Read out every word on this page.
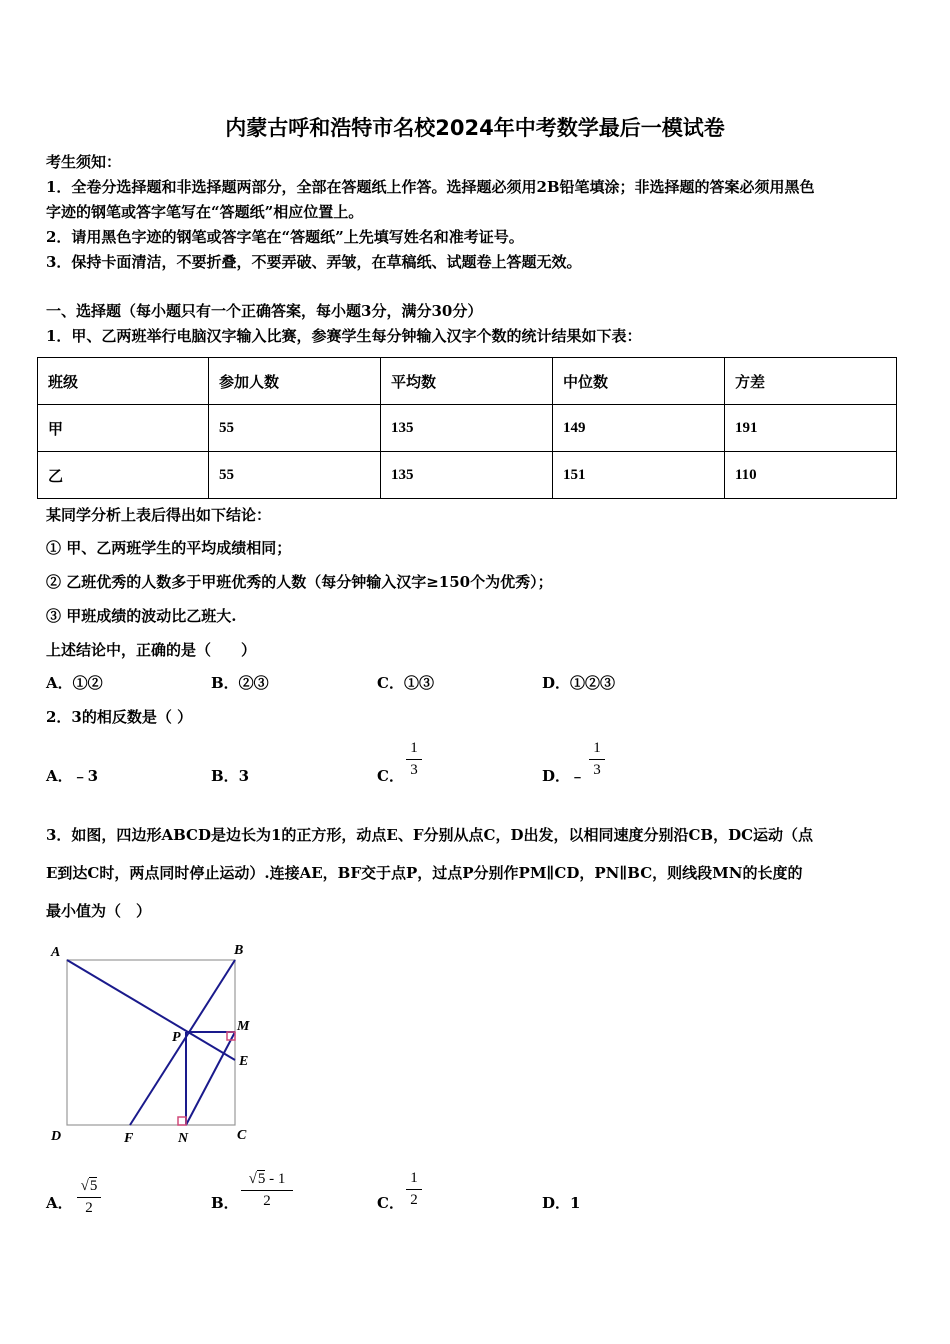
内蒙古呼和浩特市名校2024年中考数学最后一模试卷
考生须知：
1．全卷分选择题和非选择题两部分，全部在答题纸上作答。选择题必须用2B铅笔填涂；非选择题的答案必须用黑色
字迹的钢笔或答字笔写在“答题纸”相应位置上。
2．请用黑色字迹的钢笔或答字笔在“答题纸”上先填写姓名和准考证号。
3．保持卡面清洁，不要折叠，不要弄破、弄皱，在草稿纸、试题卷上答题无效。
一、选择题（每小题只有一个正确答案，每小题3分，满分30分）
1．甲、乙两班举行电脑汉字输入比赛，参赛学生每分钟输入汉字个数的统计结果如下表：
班级	参加人数	平均数	中位数	方差
甲	55	135	149	191
乙	55	135	151	110
某同学分析上表后得出如下结论：
① 甲、乙两班学生的平均成绩相同；
② 乙班优秀的人数多于甲班优秀的人数（每分钟输入汉字≥150个为优秀）；
③ 甲班成绩的波动比乙班大.
上述结论中，正确的是（　　）
A．①②	B．②③	C．①③	D．①②③
2．3的相反数是（ ）
A．﹣3	B．3	C． $\frac{1}{3}$	D．﹣ $\frac{1}{3}$
3．如图，四边形ABCD是边长为1的正方形，动点E、F分别从点C，D出发，以相同速度分别沿CB，DC运动（点
E到达C时，两点同时停止运动）.连接AE，BF交于点P，过点P分别作PM∥CD，PN∥BC，则线段MN的长度的
最小值为（　）
A	B
C
D
E
F
M
N
P
A． $\frac{√5}{2}$	B． $\frac{√5 - 1}{2}$	C． $\frac{1}{2}$	D．1
